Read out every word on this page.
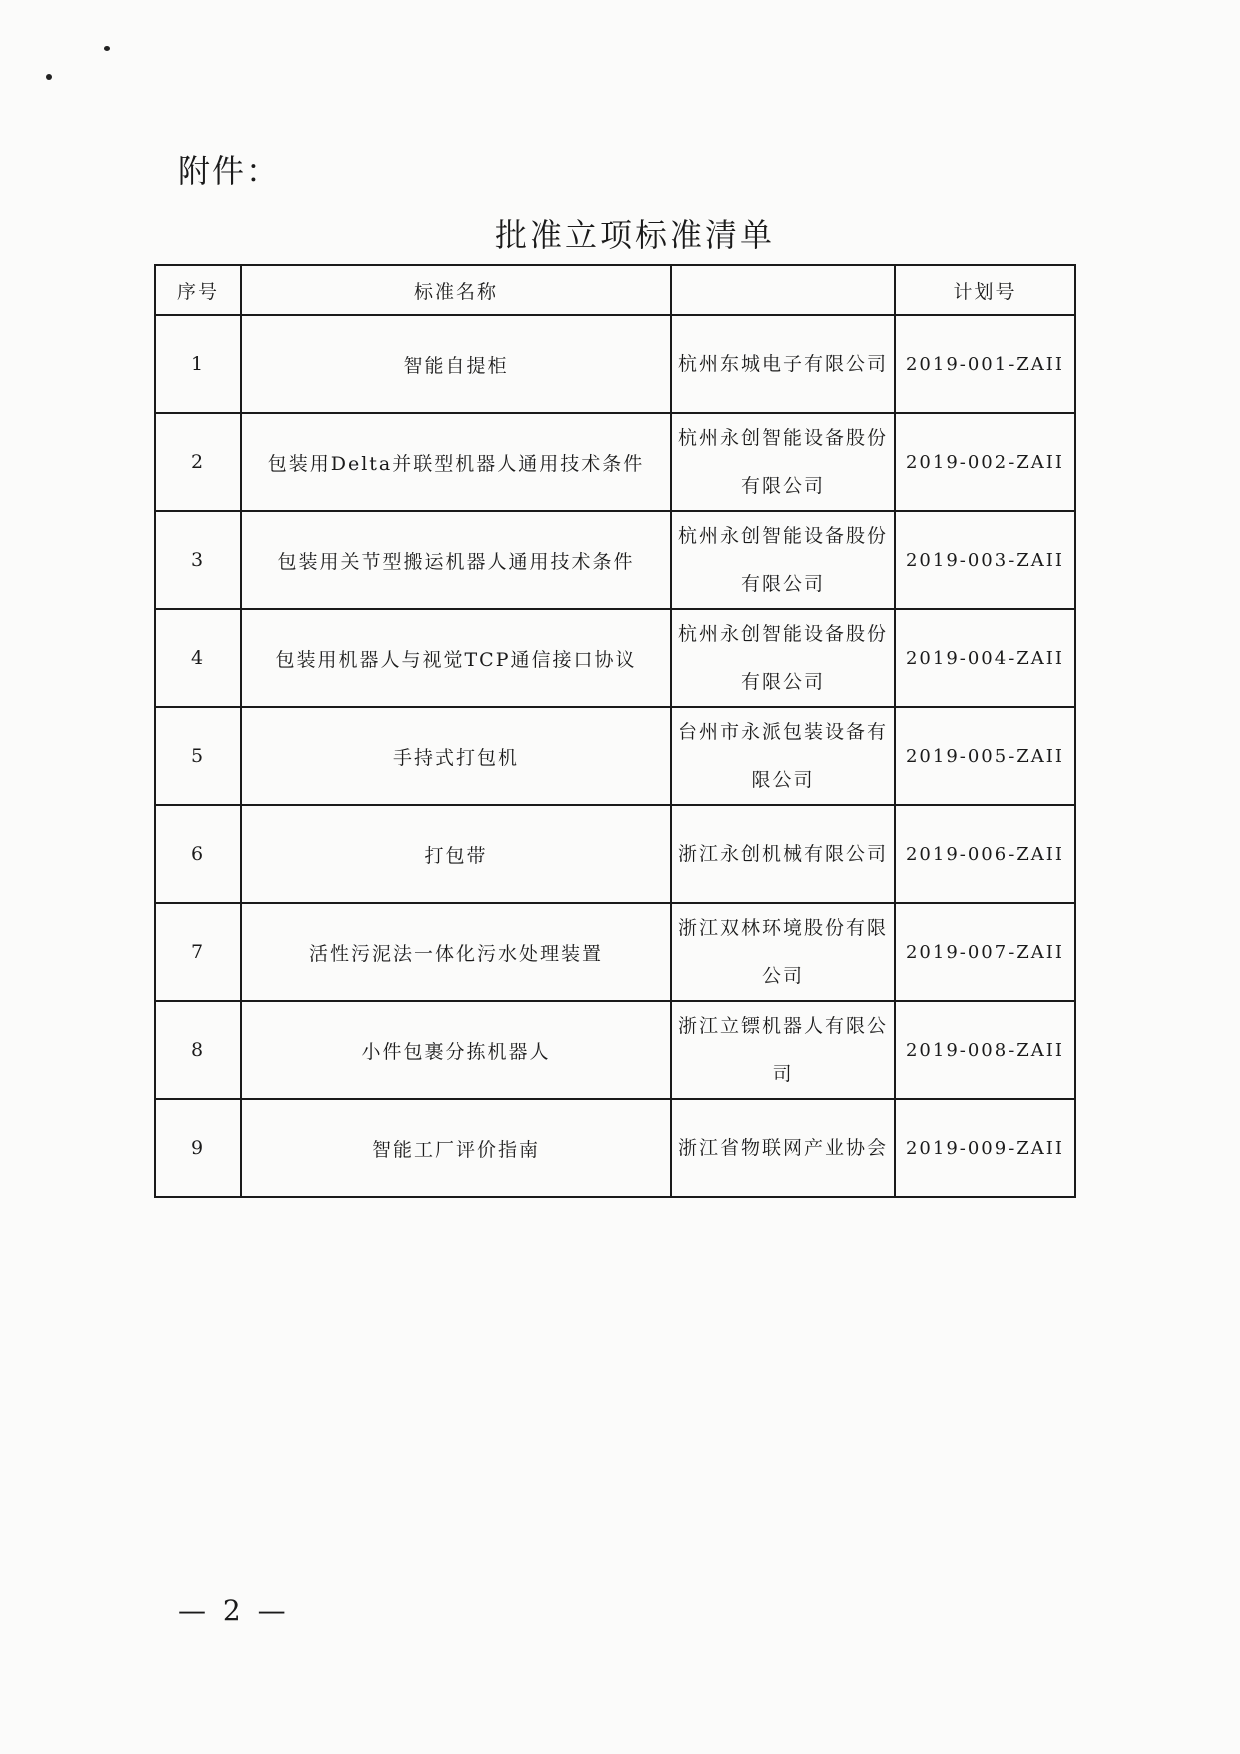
附件：
批准立项标准清单
序号	标准名称		计划号
1	智能自提柜	杭州东城电子有限公司	2019-001-ZAII
2	包装用Delta并联型机器人通用技术条件	杭州永创智能设备股份有限公司	2019-002-ZAII
3	包装用关节型搬运机器人通用技术条件	杭州永创智能设备股份有限公司	2019-003-ZAII
4	包装用机器人与视觉TCP通信接口协议	杭州永创智能设备股份有限公司	2019-004-ZAII
5	手持式打包机	台州市永派包装设备有限公司	2019-005-ZAII
6	打包带	浙江永创机械有限公司	2019-006-ZAII
7	活性污泥法一体化污水处理装置	浙江双林环境股份有限公司	2019-007-ZAII
8	小件包裹分拣机器人	浙江立镖机器人有限公司	2019-008-ZAII
9	智能工厂评价指南	浙江省物联网产业协会	2019-009-ZAII
— 2 —
